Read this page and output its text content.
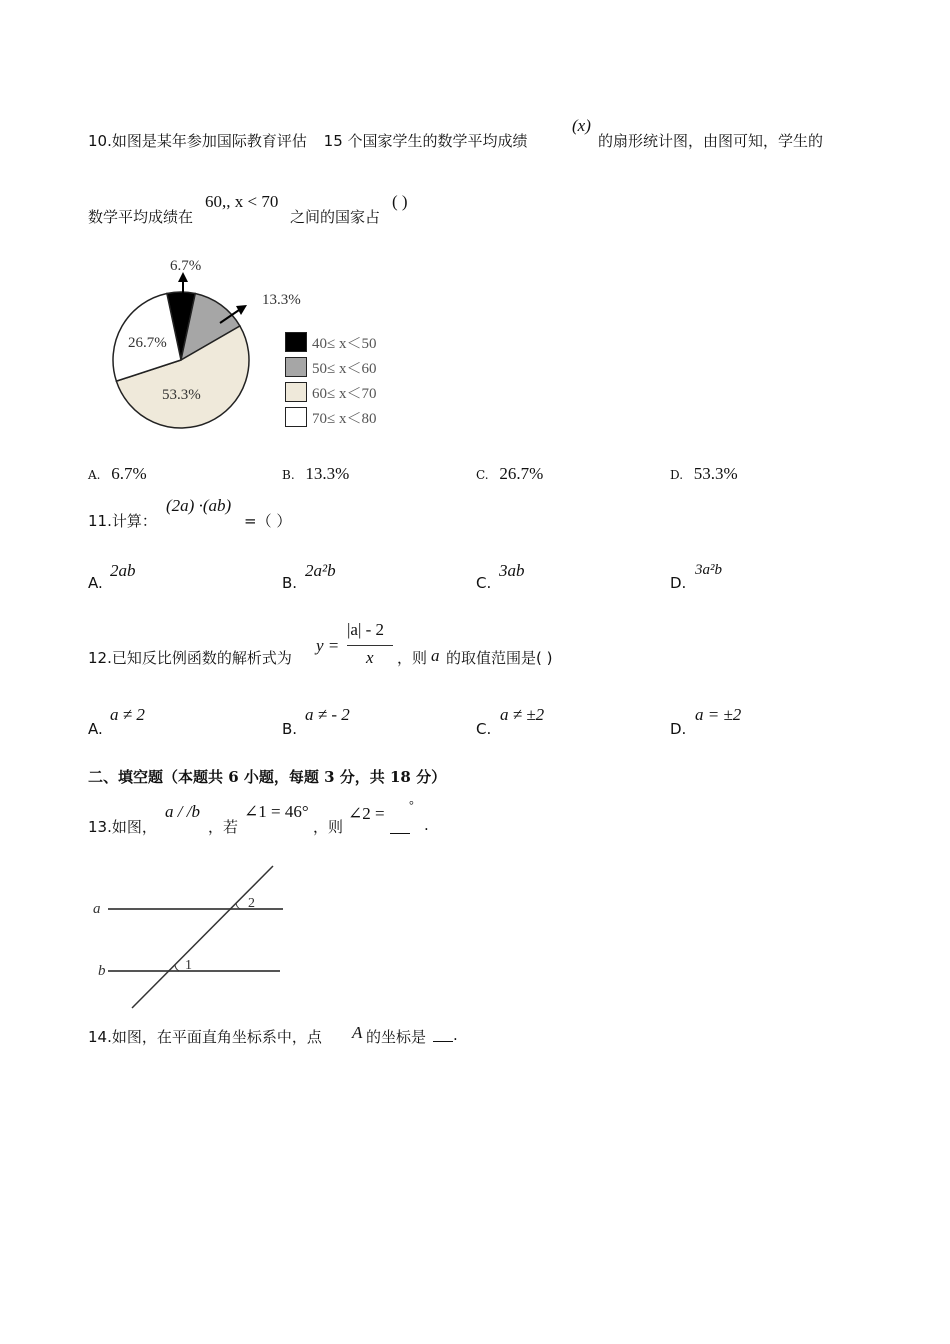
10.如图是某年参加国际教育评估 15 个国家学生的数学平均成绩
(x)
的扇形统计图，由图可知，学生的
数学平均成绩在
60,, x < 70
之间的国家占
( )
6.7%
13.3%
26.7%
53.3%
40≤ x＜50
50≤ x＜60
60≤ x＜70
70≤ x＜80
A. 6.7%	B. 13.3%	C. 26.7%	D. 53.3%
11.计算：
(2a) ·(ab)
=（ ）
A.
2ab
B.
2a²b
C.
3ab
D.
3a²b
12.已知反比例函数的解析式为
y =
|a| - 2
x ，则 a 的取值范围是( )
A.
a ≠ 2
B.
a ≠ - 2
C.
a ≠ ±2
D.
a = ±2
二、填空题（本题共 6 小题，每题 3 分，共 18 分）
13.如图，
a / /b
，若
∠1 = 46°
，则
∠2 = °
.
a
b
2
1
14.如图，在平面直角坐标系中，点 A 的坐标是 .
